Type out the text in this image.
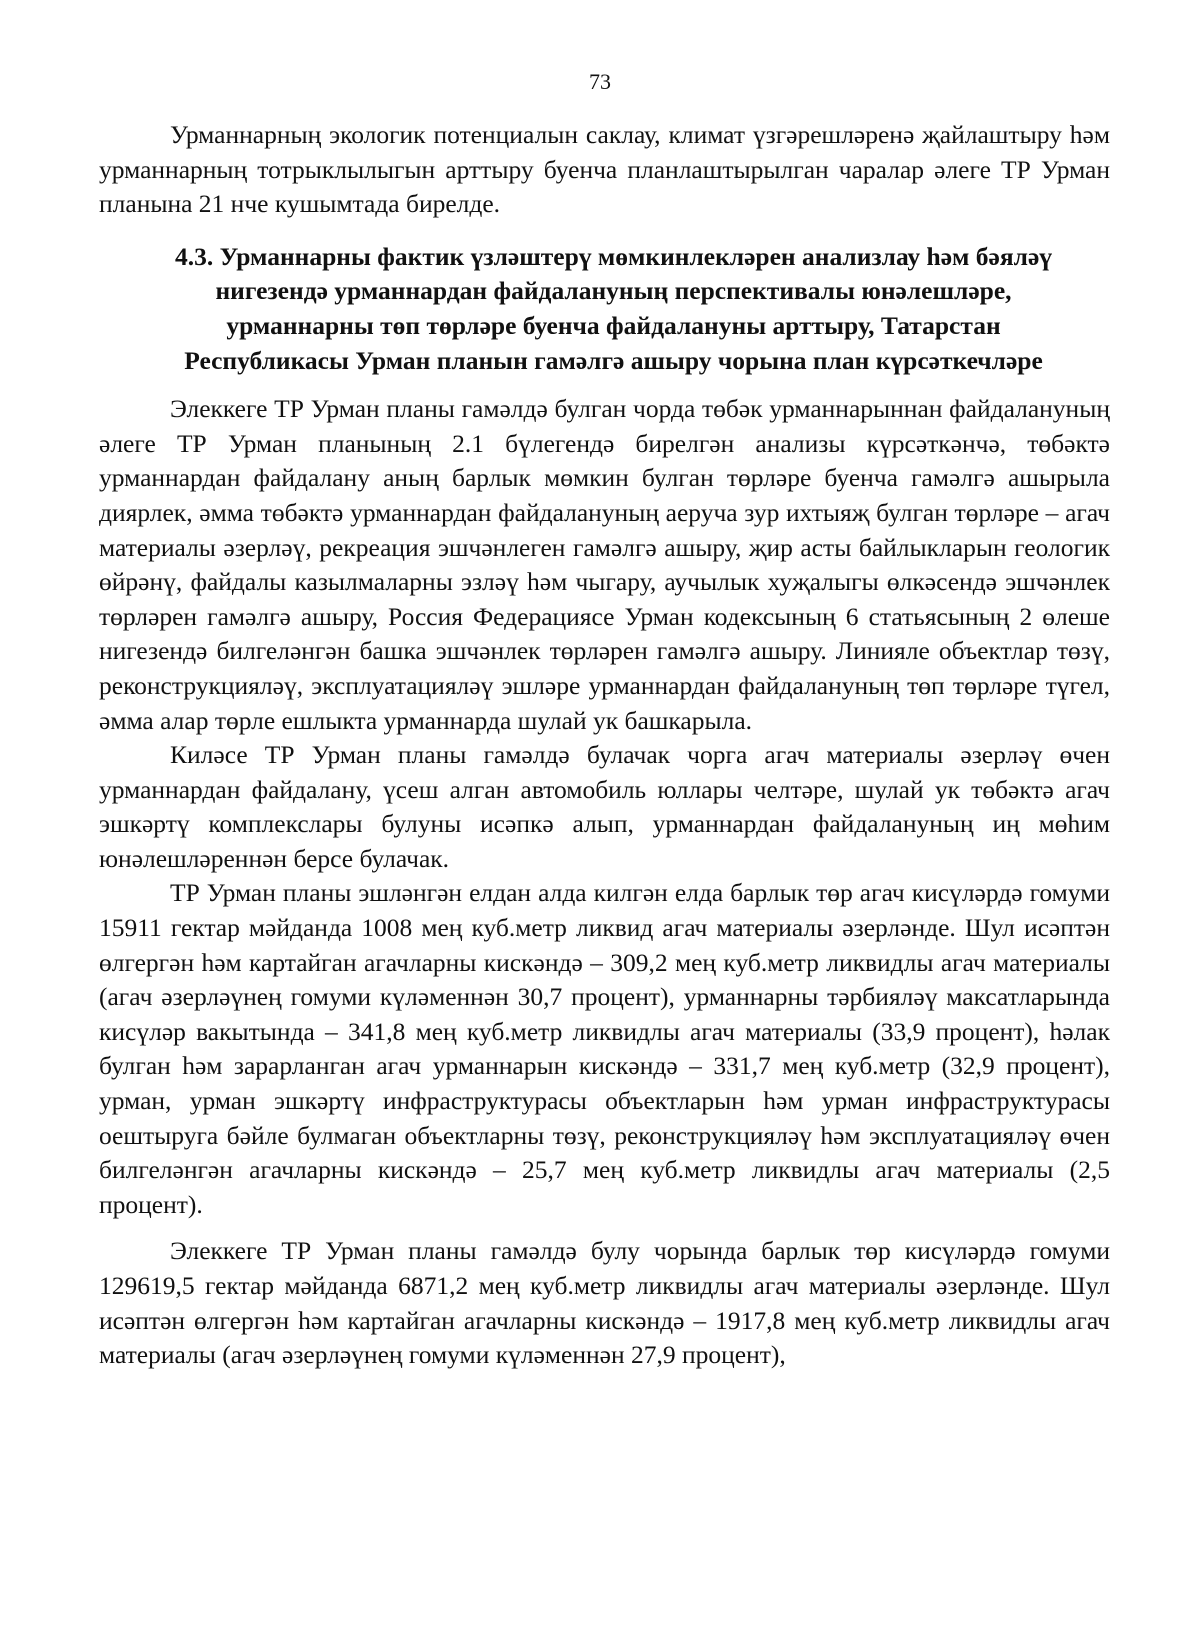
73

Урманнарның экологик потенциалын саклау, климат үзгәрешләренә җайлаштыру һәм урманнарның тотрыклылыгын арттыру буенча планлаштырылган чаралар әлеге ТР Урман планына 21 нче кушымтада бирелде.

4.3. Урманнарны фактик үзләштерү мөмкинлекләрен анализлау һәм бәяләү
нигезендә урманнардан файдалануның перспективалы юнәлешләре,
урманнарны төп төрләре буенча файдалануны арттыру, Татарстан
Республикасы Урман планын гамәлгә ашыру чорына план күрсәткечләре

Элеккеге ТР Урман планы гамәлдә булган чорда төбәк урманнарыннан файдалануның әлеге ТР Урман планының 2.1 бүлегендә бирелгән анализы күрсәткәнчә, төбәктә урманнардан файдалану аның барлык мөмкин булган төрләре буенча гамәлгә ашырыла диярлек, әмма төбәктә урманнардан файдалануның аеруча зур ихтыяҗ булган төрләре – агач материалы әзерләү, рекреация эшчәнлеген гамәлгә ашыру, җир асты байлыкларын геологик өйрәнү, файдалы казылмаларны эзләү һәм чыгару, аучылык хуҗалыгы өлкәсендә эшчәнлек төрләрен гамәлгә ашыру, Россия Федерациясе Урман кодексының 6 статьясының 2 өлеше нигезендә билгеләнгән башка эшчәнлек төрләрен гамәлгә ашыру. Линияле объектлар төзү, реконструкцияләү, эксплуатацияләү эшләре урманнардан файдалануның төп төрләре түгел, әмма алар төрле ешлыкта урманнарда шулай ук башкарыла.

Киләсе ТР Урман планы гамәлдә булачак чорга агач материалы әзерләү өчен урманнардан файдалану, үсеш алган автомобиль юллары челтәре, шулай ук төбәктә агач эшкәртү комплекслары булуны исәпкә алып, урманнардан файдалануның иң мөһим юнәлешләреннән берсе булачак.

ТР Урман планы эшләнгән елдан алда килгән елда барлык төр агач кисүләрдә гомуми 15911 гектар мәйданда 1008 мең куб.метр ликвид агач материалы әзерләнде. Шул исәптән өлгергән һәм картайган агачларны кискәндә – 309,2 мең куб.метр ликвидлы агач материалы (агач әзерләүнең гомуми күләменнән 30,7 процент), урманнарны тәрбияләү максатларында кисүләр вакытында – 341,8 мең куб.метр ликвидлы агач материалы (33,9 процент), һәлак булган һәм зарарланган агач урманнарын кискәндә – 331,7 мең куб.метр (32,9 процент), урман, урман эшкәртү инфраструктурасы объектларын һәм урман инфраструктурасы оештыруга бәйле булмаган объектларны төзү, реконструкцияләү һәм эксплуатацияләү өчен билгеләнгән агачларны кискәндә – 25,7 мең куб.метр ликвидлы агач материалы (2,5 процент).

Элеккеге ТР Урман планы гамәлдә булу чорында барлык төр кисүләрдә гомуми 129619,5 гектар мәйданда 6871,2 мең куб.метр ликвидлы агач материалы әзерләнде. Шул исәптән өлгергән һәм картайган агачларны кискәндә – 1917,8 мең куб.метр ликвидлы агач материалы (агач әзерләүнең гомуми күләменнән 27,9 процент),
